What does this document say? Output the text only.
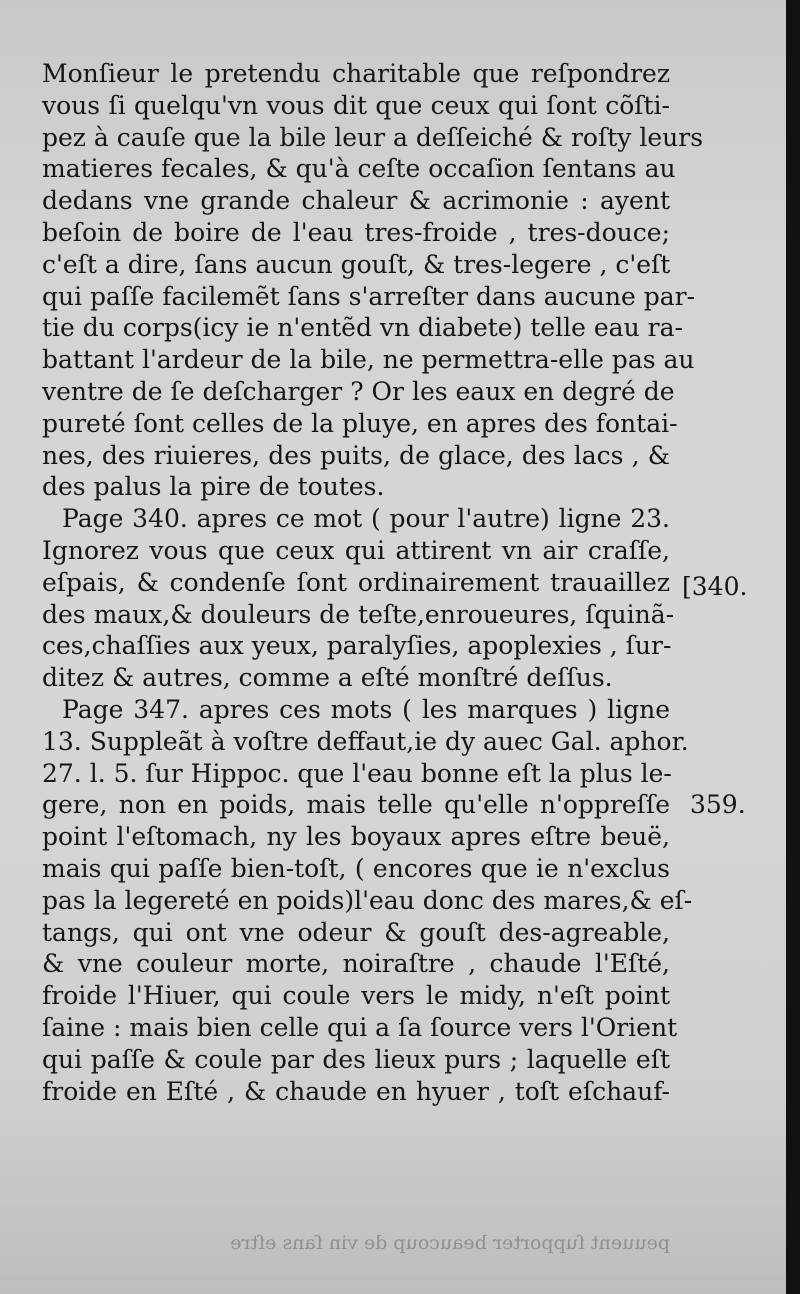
Monſieur le pretendu charitable que reſpondrez
vous ſi quelqu'vn vous dit que ceux qui ſont cõſti-
pez à cauſe que la bile leur a deſſeiché & roſty leurs
matieres fecales, & qu'à ceſte occaſion ſentans au
dedans vne grande chaleur & acrimonie : ayent
beſoin de boire de l'eau tres-froide , tres-douce;
c'eſt a dire, ſans aucun gouſt, & tres-legere , c'eſt
qui paſſe facilemẽt ſans s'arreſter dans aucune par-
tie du corps(icy ie n'entẽd vn diabete) telle eau ra-
battant l'ardeur de la bile, ne permettra-elle pas au
ventre de ſe deſcharger ? Or les eaux en degré de
pureté ſont celles de la pluye, en apres des fontai-
nes, des riuieres, des puits, de glace, des lacs , &
des palus la pire de toutes.
Page 340. apres ce mot ( pour l'autre) ligne 23.
Ignorez vous que ceux qui attirent vn air craſſe,
eſpais, & condenſe ſont ordinairement trauaillez
des maux,& douleurs de teſte,enroueures, ſquinã-
ces,chaſſies aux yeux, paralyſies, apoplexies , ſur-
ditez & autres, comme a eſté monſtré deſſus.
Page 347. apres ces mots ( les marques ) ligne
13. Suppleãt à voſtre deffaut,ie dy auec Gal. aphor.
27. l. 5. ſur Hippoc. que l'eau bonne eſt la plus le-
gere, non en poids, mais telle qu'elle n'oppreſſe
point l'eſtomach, ny les boyaux apres eſtre beuë,
mais qui paſſe bien-toſt, ( encores que ie n'exclus
pas la legereté en poids)l'eau donc des mares,& eſ-
tangs, qui ont vne odeur & gouſt des-agreable,
& vne couleur morte, noiraſtre , chaude l'Eſté,
froide l'Hiuer, qui coule vers le midy, n'eſt point
ſaine : mais bien celle qui a ſa ſource vers l'Orient
qui paſſe & coule par des lieux purs ; laquelle eſt
froide en Eſté , & chaude en hyuer , toſt eſchauf-
[340.
359.
peuuent ſupporter beaucoup de vin ſans eſtre
